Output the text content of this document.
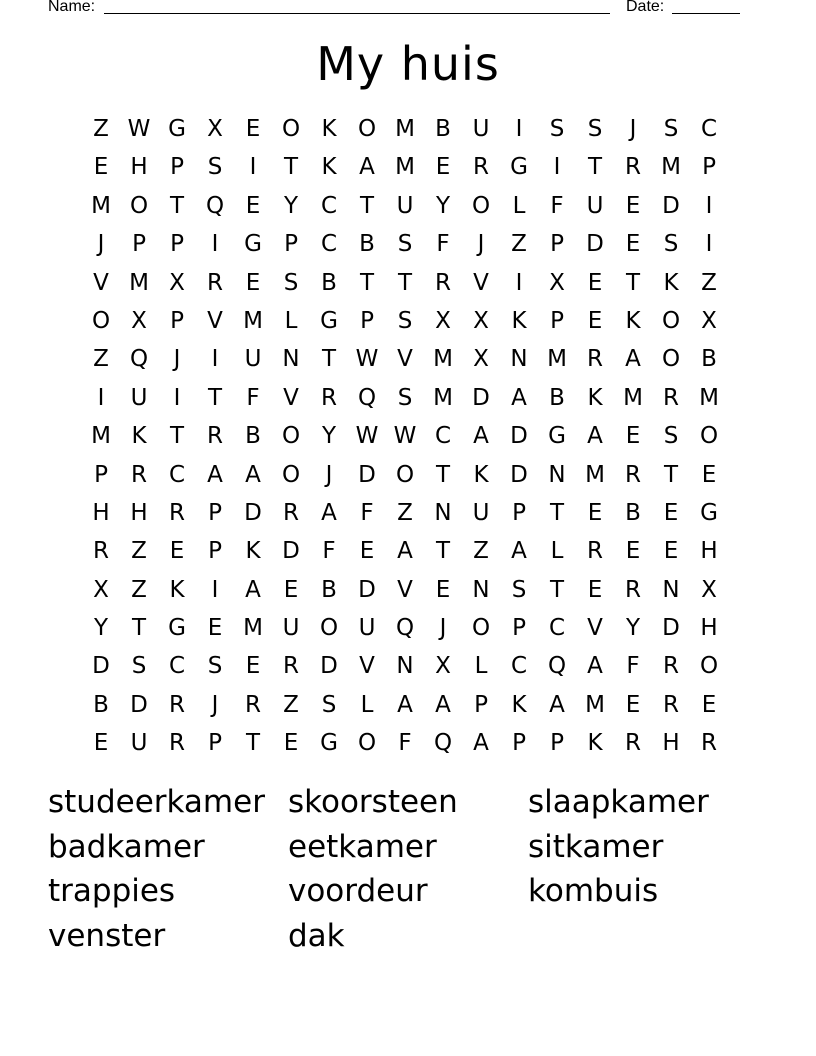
Name:	Date:
My huis
Z W G X E O K O M B U	I	S	S	J	S C
E H P	S	I	T	K A M E R G	I	T R M P
M O T Q E	Y C T U Y O L	F U E D	I
J	P	P	I	G P	C B S	F	J	Z	P D E	S	I
V M X R E	S B	T	T R V	I	X E	T	K Z
O X	P	V M L G P	S X X K	P	E	K O X
Z Q	J	I	U N T W V M X N M R A O B
I	U	I	T	F	V R Q S M D A B K M R M
M K	T R B O Y W W C A D G A E	S O
P	R C A A O	J	D O T	K D N M R T	E
H H R	P D R A	F	Z N U P	T	E B E G
R Z E	P	K D F	E A	T	Z A	L	R E	E H
X Z K	I	A E B D V E N S	T	E R N X
Y	T G E M U O U Q	J	O P	C V	Y D H
D S C S	E R D V N X	L	C Q A	F	R O
B D R	J	R Z S	L	A A	P	K A M E R E
E U R	P	T	E G O F Q A	P	P	K R H R
studeerkamer skoorsteen	slaapkamer
badkamer	eetkamer	sitkamer
trappies	voordeur	kombuis
venster	dak
